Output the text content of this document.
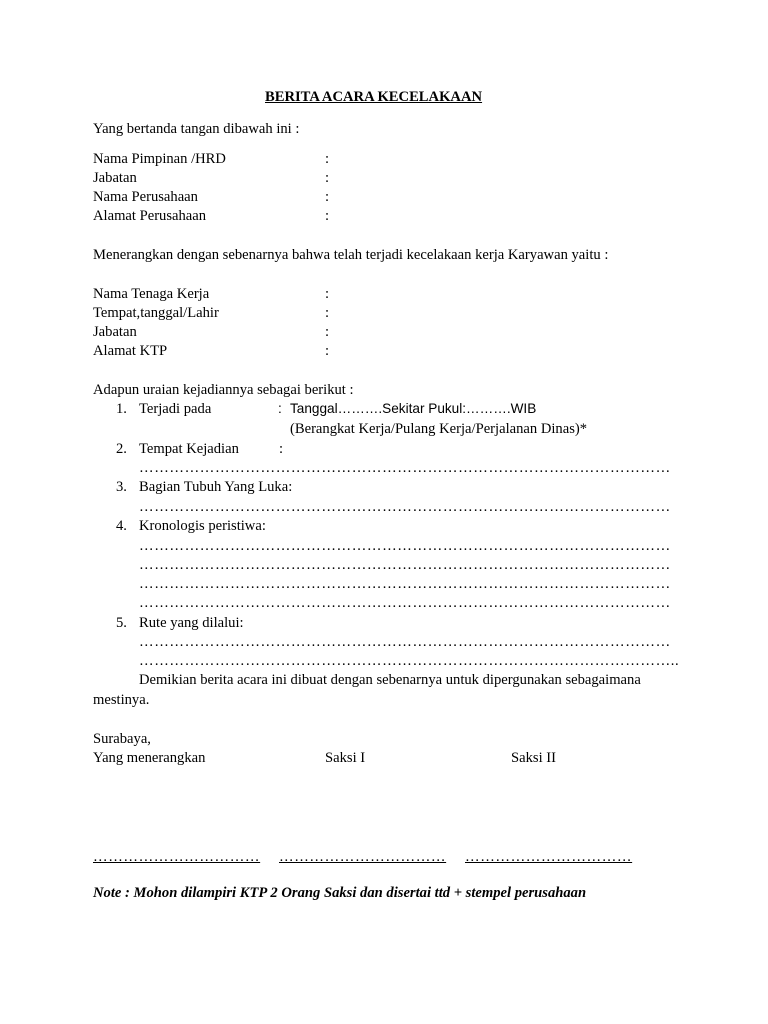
BERITA ACARA KECELAKAAN
Yang bertanda tangan dibawah ini :
Nama Pimpinan /HRD	:
Jabatan	:
Nama Perusahaan	:
Alamat Perusahaan	:
Menerangkan dengan sebenarnya bahwa telah terjadi kecelakaan kerja Karyawan yaitu :
Nama Tenaga Kerja	:
Tempat,tanggal/Lahir	:
Jabatan	:
Alamat KTP	:
Adapun uraian kejadiannya sebagai berikut :
1. Terjadi pada	: Tanggal……….Sekitar Pukul:……….WIB
(Berangkat Kerja/Pulang Kerja/Perjalanan Dinas)*
2. Tempat Kejadian	:
……………………………………………………………………………………………
3. Bagian Tubuh Yang Luka:
……………………………………………………………………………………………
4. Kronologis peristiwa:
……………………………………………………………………………………………
……………………………………………………………………………………………
……………………………………………………………………………………………
……………………………………………………………………………………………
5. Rute yang dilalui:
……………………………………………………………………………………………
……………………………………………………………………………………………..
Demikian berita acara ini dibuat dengan sebenarnya untuk dipergunakan sebagaimana
mestinya.
Surabaya,
Yang menerangkan	Saksi I	Saksi II
…………………………… …………………………… ……………………………
Note : Mohon dilampiri KTP 2 Orang Saksi dan disertai ttd + stempel perusahaan
